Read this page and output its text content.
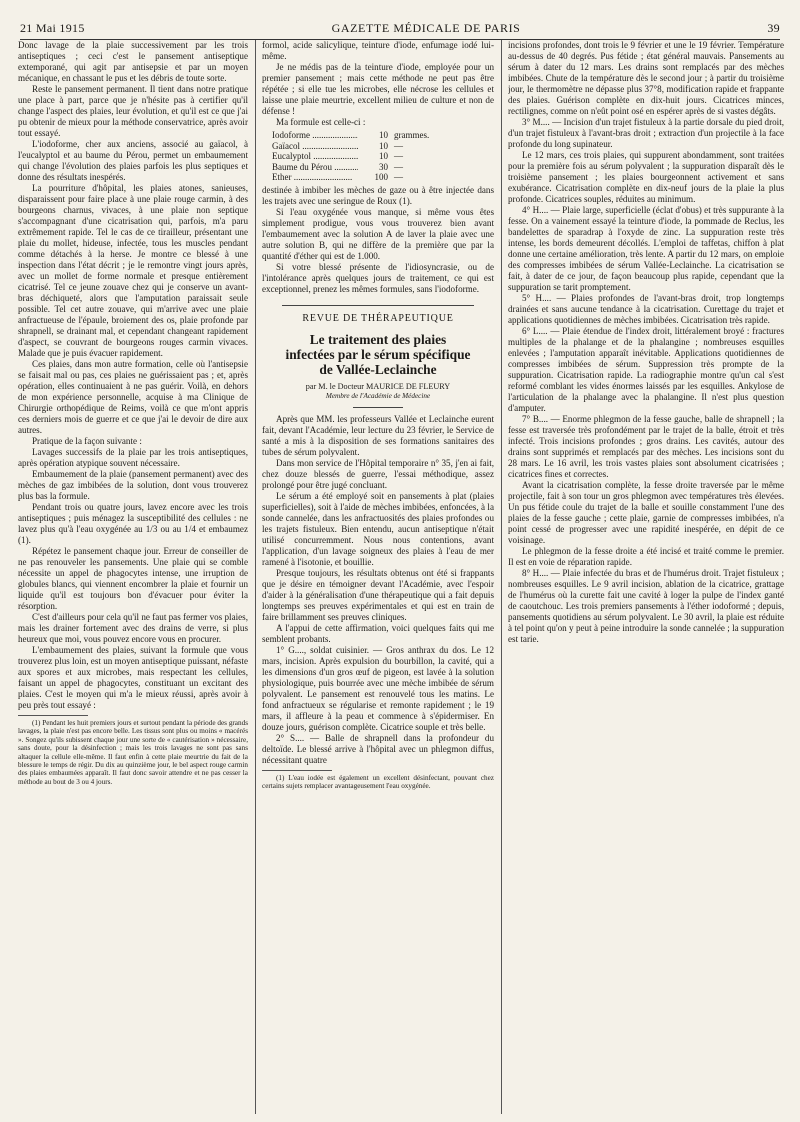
21 Mai 1915	GAZETTE MÉDICALE DE PARIS	39

Donc lavage de la plaie successivement par les trois antiseptiques ; ceci c'est le pansement antiseptique extemporané, qui agit par antisepsie et par un moyen mécanique, en chassant le pus et les débris de toute sorte.

Reste le pansement permanent. Il tient dans notre pratique une place à part, parce que je n'hésite pas à certifier qu'il change l'aspect des plaies, leur évolution, et qu'il est ce que j'ai pu obtenir de mieux pour la méthode conservatrice, après avoir tout essayé.

L'iodoforme, cher aux anciens, associé au gaïacol, à l'eucalyptol et au baume du Pérou, permet un embaumement qui change l'évolution des plaies parfois les plus septiques et donne des résultats inespérés.

La pourriture d'hôpital, les plaies atones, sanieuses, disparaissent pour faire place à une plaie rouge carmin, à des bourgeons charnus, vivaces, à une plaie non septique s'accompagnant d'une cicatrisation qui, parfois, m'a paru extrêmement rapide. Tel le cas de ce tirailleur, présentant une plaie du mollet, hideuse, infectée, tous les muscles pendant comme détachés à la herse. Je montre ce blessé à une inspection dans l'état décrit ; je le remontre vingt jours après, avec un mollet de forme normale et presque entièrement cicatrisé. Tel ce jeune zouave chez qui je conserve un avant-bras déchiqueté, alors que l'amputation paraissait seule possible. Tel cet autre zouave, qui m'arrive avec une plaie anfractueuse de l'épaule, broiement des os, plaie profonde par shrapnell, se drainant mal, et cependant changeant rapidement d'aspect, se couvrant de bourgeons rouges carmin vivaces. Malade que je puis évacuer rapidement.

Ces plaies, dans mon autre formation, celle où l'antisepsie se faisait mal ou pas, ces plaies ne guérissaient pas ; et, après opération, elles continuaient à ne pas guérir. Voilà, en dehors de mon expérience personnelle, acquise à ma Clinique de Chirurgie orthopédique de Reims, voilà ce que m'ont appris ces derniers mois de guerre et ce que j'ai le devoir de dire aux autres.

Pratique de la façon suivante :

Lavages successifs de la plaie par les trois antiseptiques, après opération atypique souvent nécessaire.

Embaumement de la plaie (pansement permanent) avec des mèches de gaz imbibées de la solution, dont vous trouverez plus bas la formule.

Pendant trois ou quatre jours, lavez encore avec les trois antiseptiques ; puis ménagez la susceptibilité des cellules : ne lavez plus qu'à l'eau oxygénée au 1/3 ou au 1/4 et embaumez (1).

Répétez le pansement chaque jour. Erreur de conseiller de ne pas renouveler les pansements. Une plaie qui se comble nécessite un appel de phagocytes intense, une irruption de globules blancs, qui viennent encombrer la plaie et fournir un liquide qu'il est toujours bon d'évacuer pour éviter la résorption.

C'est d'ailleurs pour cela qu'il ne faut pas fermer vos plaies, mais les drainer fortement avec des drains de verre, si plus heureux que moi, vous pouvez encore vous en procurer.

L'embaumement des plaies, suivant la formule que vous trouverez plus loin, est un moyen antiseptique puissant, néfaste aux spores et aux microbes, mais respectant les cellules, faisant un appel de phagocytes, constituant un excitant des plaies. C'est le moyen qui m'a le mieux réussi, après avoir à peu près tout essayé :

(1) Pendant les huit premiers jours et surtout pendant la période des grands lavages, la plaie n'est pas encore belle. Les tissus sont plus ou moins « macérés ». Songez qu'ils subissent chaque jour une sorte de « cautérisation » nécessaire, sans doute, pour la désinfection ; mais les trois lavages ne sont pas sans altaquer la cellule elle-même. Il faut enfin à cette plaie meurtrie du fait de la blessure le temps de régir. Du dix au quinzième jour, le bel aspect rouge carmin des plaies embaumées apparaît. Il faut donc savoir attendre et ne pas cesser la méthode au bout de 3 ou 4 jours.

formol, acide salicylique, teinture d'iode, enfumage iodé lui-même.

Je ne médis pas de la teinture d'iode, employée pour un premier pansement ; mais cette méthode ne peut pas être répétée ; si elle tue les microbes, elle nécrose les cellules et laisse une plaie meurtrie, excellent milieu de culture et non de défense !

Ma formule est celle-ci :

Iodoforme .....	10 grammes.
Gaïacol .....	10 —
Eucalyptol .....	10 —
Baume du Pérou .....	30 —
Ether .....	100 —

destinée à imbiber les mèches de gaze ou à être injectée dans les trajets avec une seringue de Roux (1).

Si l'eau oxygénée vous manque, si même vous êtes simplement prodigue, vous vous trouverez bien avant l'embaumement avec la solution A de laver la plaie avec une autre solution B, qui ne diffère de la première que par la quantité d'éther qui est de 1.000.

Si votre blessé présente de l'idiosyncrasie, ou de l'intolérance après quelques jours de traitement, ce qui est exceptionnel, prenez les mêmes formules, sans l'iodoforme.

REVUE DE THÉRAPEUTIQUE
Le traitement des plaies
infectées par le sérum spécifique
de Vallée-Leclainche
par M. le Docteur MAURICE DE FLEURY
Membre de l'Académie de Médecine

Après que MM. les professeurs Vallée et Leclainche eurent fait, devant l'Académie, leur lecture du 23 février, le Service de santé a mis à la disposition de ses formations sanitaires des tubes de sérum polyvalent.

Dans mon service de l'Hôpital temporaire n° 35, j'en ai fait, chez douze blessés de guerre, l'essai méthodique, assez prolongé pour être jugé concluant.

Le sérum a été employé soit en pansements à plat (plaies superficielles), soit à l'aide de mèches imbibées, enfoncées, à la sonde cannelée, dans les anfractuosités des plaies profondes ou les trajets fistuleux. Bien entendu, aucun antiseptique n'était utilisé concurremment. Nous nous contentions, avant l'application, d'un lavage soigneux des plaies à l'eau de mer ramené à l'isotonie, et bouillie.

Presque toujours, les résultats obtenus ont été si frappants que je désire en témoigner devant l'Académie, avec l'espoir d'aider à la généralisation d'une thérapeutique qui a fait depuis longtemps ses preuves expérimentales et qui est en train de faire brillamment ses preuves cliniques.

A l'appui de cette affirmation, voici quelques faits qui me semblent probants.

1° G...., soldat cuisinier. — Gros anthrax du dos. Le 12 mars, incision. Après expulsion du bourbillon, la cavité, qui a les dimensions d'un gros œuf de pigeon, est lavée à la solution physiologique, puis bourrée avec une mèche imbibée de sérum polyvalent. Le pansement est renouvelé tous les matins. Le fond anfractueux se régularise et remonte rapidement ; le 19 mars, il affleure à la peau et commence à s'épidermiser. En douze jours, guérison complète. Cicatrice souple et très belle.

2° S.... — Balle de shrapnell dans la profondeur du deltoïde. Le blessé arrive à l'hôpital avec un phlegmon diffus, nécessitant quatre

(1) L'eau iodée est également un excellent désinfectant, pouvant chez certains sujets remplacer avantageusement l'eau oxygénée.

incisions profondes, dont trois le 9 février et une le 19 février. Température au-dessus de 40 degrés. Pus fétide ; état général mauvais. Pansements au sérum à dater du 12 mars. Les drains sont remplacés par des mèches imbibées. Chute de la température dès le second jour ; à partir du troisième jour, le thermomètre ne dépasse plus 37°8, modification rapide et frappante des plaies. Guérison complète en dix-huit jours. Cicatrices minces, rectilignes, comme on n'eût point osé en espérer après de si vastes dégâts.

3° M.... — Incision d'un trajet fistuleux à la partie dorsale du pied droit, d'un trajet fistuleux à l'avant-bras droit ; extraction d'un projectile à la face profonde du long supinateur.

Le 12 mars, ces trois plaies, qui suppurent abondamment, sont traitées pour la première fois au sérum polyvalent ; la suppuration disparaît dès le troisième pansement ; les plaies bourgeonnent activement et sans exubérance. Cicatrisation complète en dix-neuf jours de la plaie la plus profonde. Cicatrices souples, réduites au minimum.

4° H.... — Plaie large, superficielle (éclat d'obus) et très suppurante à la fesse. On a vainement essayé la teinture d'iode, la pommade de Reclus, les bandelettes de sparadrap à l'oxyde de zinc. La suppuration reste très intense, les bords demeurent décollés. L'emploi de taffetas, chiffon à plat donne une certaine amélioration, très lente. A partir du 12 mars, on emploie des compresses imbibées de sérum Vallée-Leclainche. La cicatrisation se fait, à dater de ce jour, de façon beaucoup plus rapide, cependant que la suppuration se tarit promptement.

5° H.... — Plaies profondes de l'avant-bras droit, trop longtemps drainées et sans aucune tendance à la cicatrisation. Curettage du trajet et applications quotidiennes de mèches imbibées. Cicatrisation très rapide.

6° L.... — Plaie étendue de l'index droit, littéralement broyé : fractures multiples de la phalange et de la phalangine ; nombreuses esquilles enlevées ; l'amputation apparaît inévitable. Applications quotidiennes de compresses imbibées de sérum. Suppression très prompte de la suppuration. Cicatrisation rapide. La radiographie montre qu'un cal s'est reformé comblant les vides énormes laissés par les esquilles. Ankylose de l'articulation de la phalange avec la phalangine. Il n'est plus question d'amputer.

7° B.... — Enorme phlegmon de la fesse gauche, balle de shrapnell ; la fesse est traversée très profondément par le trajet de la balle, étroit et très infecté. Trois incisions profondes ; gros drains. Les cavités, autour des drains sont supprimés et remplacés par des mèches. Les incisions sont du 28 mars. Le 16 avril, les trois vastes plaies sont absolument cicatrisées ; cicatrices fines et correctes.

Avant la cicatrisation complète, la fesse droite traversée par le même projectile, fait à son tour un gros phlegmon avec températures très élevées. Un pus fétide coule du trajet de la balle et souille constamment l'une des plaies de la fesse gauche ; cette plaie, garnie de compresses imbibées, n'a point cessé de progresser avec une rapidité inespérée, en dépit de ce voisinage.

Le phlegmon de la fesse droite a été incisé et traité comme le premier. Il est en voie de réparation rapide.

8° H.... — Plaie infectée du bras et de l'humérus droit. Trajet fistuleux ; nombreuses esquilles. Le 9 avril incision, ablation de la cicatrice, grattage de l'humérus où la curette fait une cavité à loger la pulpe de l'index ganté de caoutchouc. Les trois premiers pansements à l'éther iodoformé ; depuis, pansements quotidiens au sérum polyvalent. Le 30 avril, la plaie est réduite à tel point qu'on y peut à peine introduire la sonde cannelée ; la suppuration est tarie.
